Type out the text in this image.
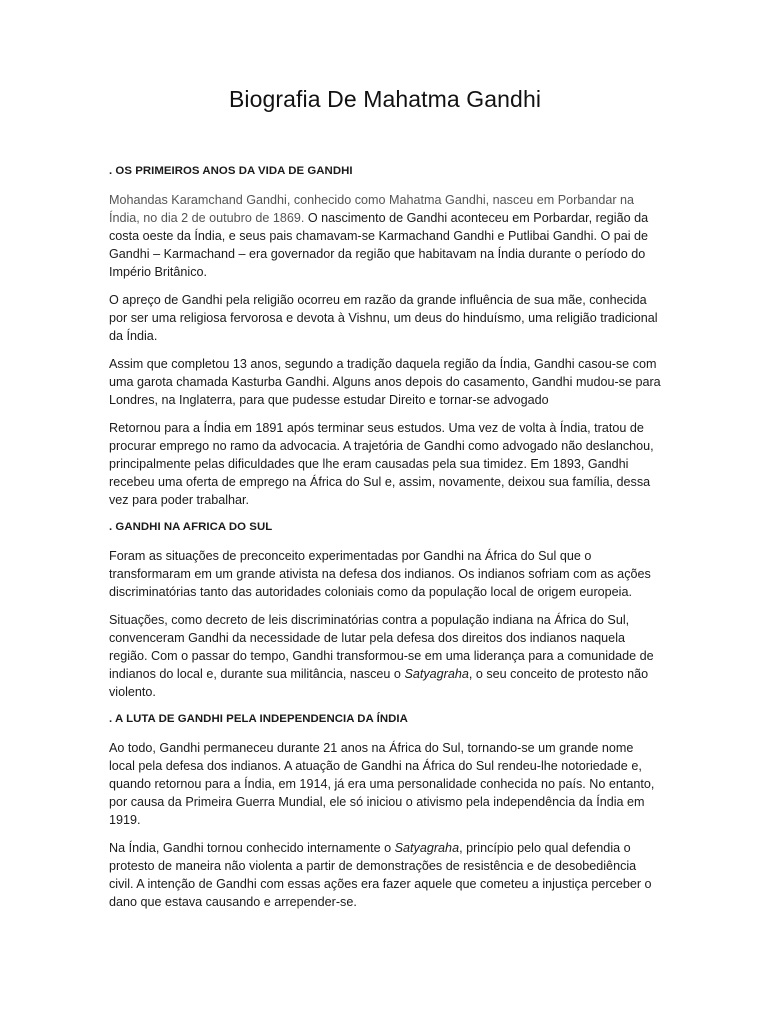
Biografia De Mahatma Gandhi

. OS PRIMEIROS ANOS DA VIDA DE GANDHI

Mohandas Karamchand Gandhi, conhecido como Mahatma Gandhi, nasceu em Porbandar na Índia, no dia 2 de outubro de 1869. O nascimento de Gandhi aconteceu em Porbardar, região da costa oeste da Índia, e seus pais chamavam-se Karmachand Gandhi e Putlibai Gandhi. O pai de Gandhi – Karmachand – era governador da região que habitavam na Índia durante o período do Império Britânico.

O apreço de Gandhi pela religião ocorreu em razão da grande influência de sua mãe, conhecida por ser uma religiosa fervorosa e devota à Vishnu, um deus do hinduísmo, uma religião tradicional da Índia.

Assim que completou 13 anos, segundo a tradição daquela região da Índia, Gandhi casou-se com uma garota chamada Kasturba Gandhi. Alguns anos depois do casamento, Gandhi mudou-se para Londres, na Inglaterra, para que pudesse estudar Direito e tornar-se advogado

Retornou para a Índia em 1891 após terminar seus estudos. Uma vez de volta à Índia, tratou de procurar emprego no ramo da advocacia. A trajetória de Gandhi como advogado não deslanchou, principalmente pelas dificuldades que lhe eram causadas pela sua timidez. Em 1893, Gandhi recebeu uma oferta de emprego na África do Sul e, assim, novamente, deixou sua família, dessa vez para poder trabalhar.

. GANDHI NA AFRICA DO SUL

Foram as situações de preconceito experimentadas por Gandhi na África do Sul que o transformaram em um grande ativista na defesa dos indianos. Os indianos sofriam com as ações discriminatórias tanto das autoridades coloniais como da população local de origem europeia.

Situações, como decreto de leis discriminatórias contra a população indiana na África do Sul, convenceram Gandhi da necessidade de lutar pela defesa dos direitos dos indianos naquela região. Com o passar do tempo, Gandhi transformou-se em uma liderança para a comunidade de indianos do local e, durante sua militância, nasceu o Satyagraha, o seu conceito de protesto não violento.

. A LUTA DE GANDHI PELA INDEPENDENCIA DA ÍNDIA

Ao todo, Gandhi permaneceu durante 21 anos na África do Sul, tornando-se um grande nome local pela defesa dos indianos. A atuação de Gandhi na África do Sul rendeu-lhe notoriedade e, quando retornou para a Índia, em 1914, já era uma personalidade conhecida no país. No entanto, por causa da Primeira Guerra Mundial, ele só iniciou o ativismo pela independência da Índia em 1919.

Na Índia, Gandhi tornou conhecido internamente o Satyagraha, princípio pelo qual defendia o protesto de maneira não violenta a partir de demonstrações de resistência e de desobediência civil. A intenção de Gandhi com essas ações era fazer aquele que cometeu a injustiça perceber o dano que estava causando e arrepender-se.
